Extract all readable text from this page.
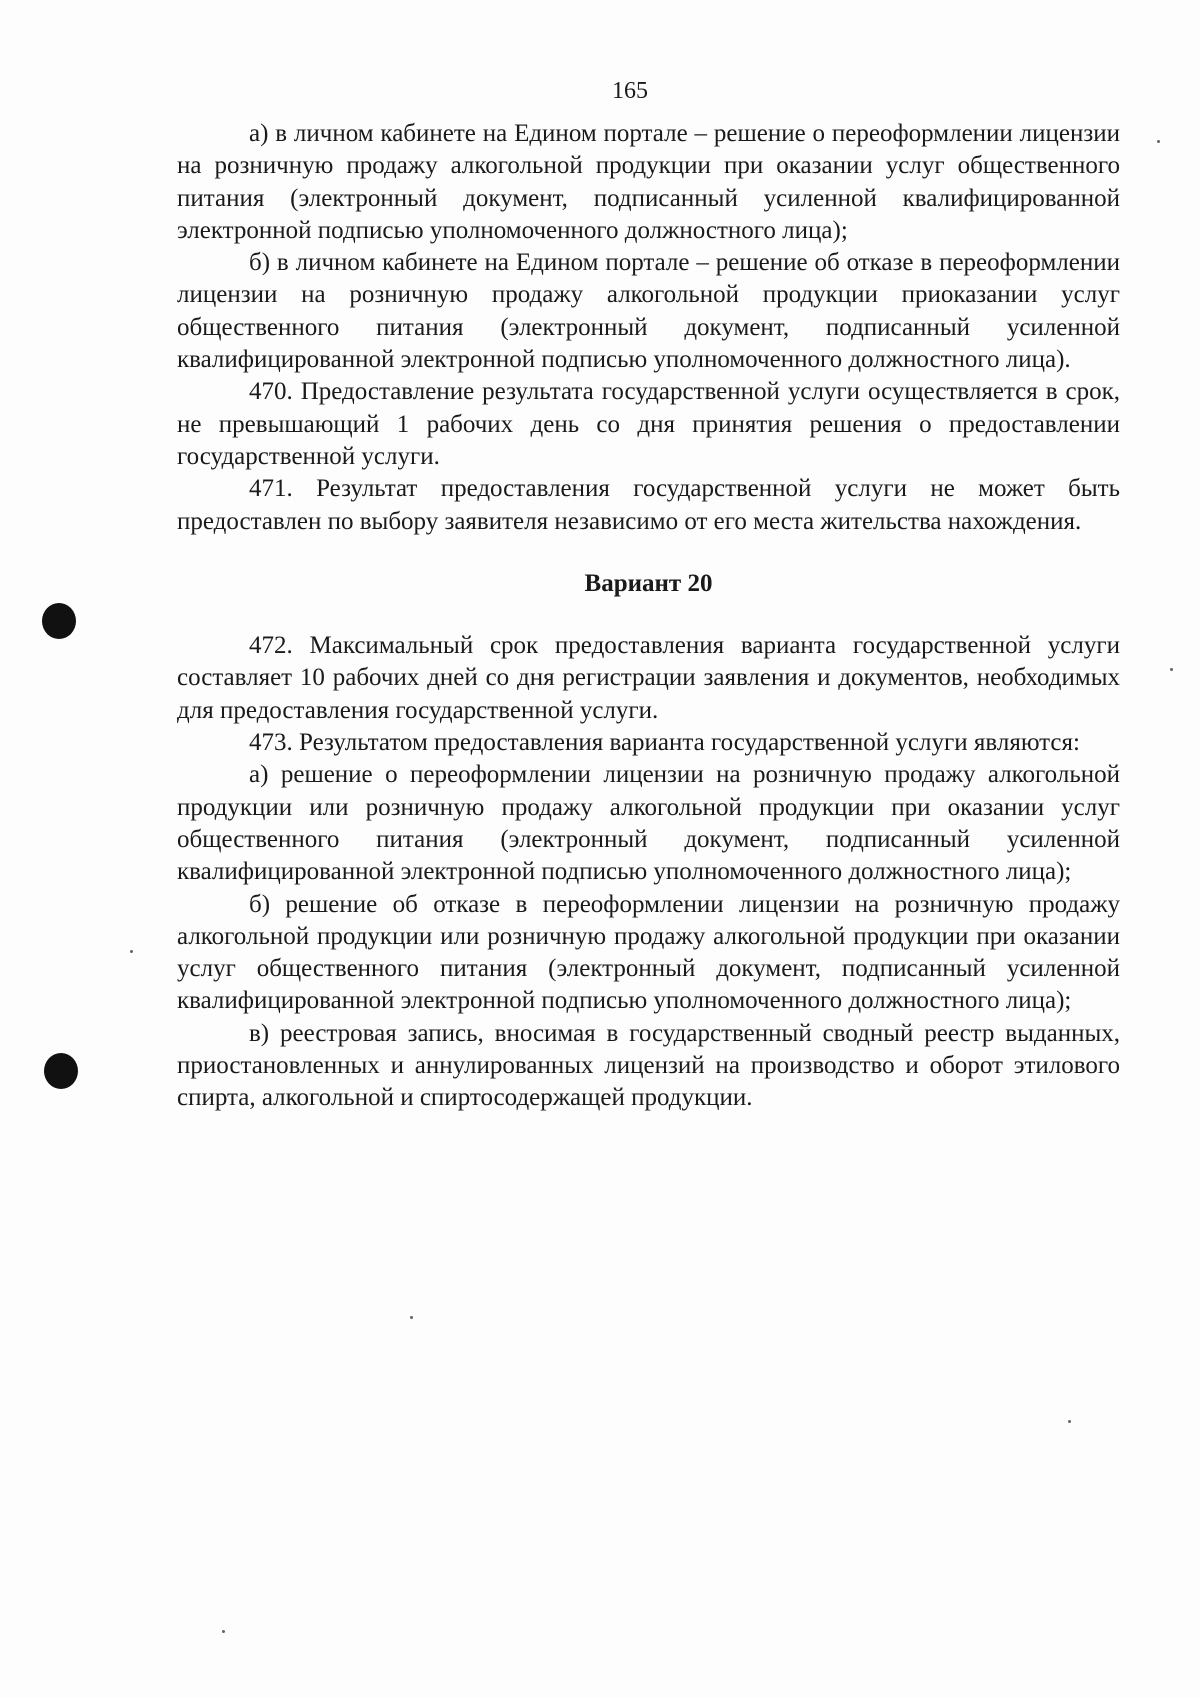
165

а) в личном кабинете на Едином портале – решение о переоформлении лицензии на розничную продажу алкогольной продукции при оказании услуг общественного питания (электронный документ, подписанный усиленной квалифицированной электронной подписью уполномоченного должностного лица);

б) в личном кабинете на Едином портале – решение об отказе в переоформлении лицензии на розничную продажу алкогольной продукции приоказании услуг общественного питания (электронный документ, подписанный усиленной квалифицированной электронной подписью уполномоченного должностного лица).

470. Предоставление результата государственной услуги осуществляется в срок, не превышающий 1 рабочих день со дня принятия решения о предоставлении государственной услуги.

471. Результат предоставления государственной услуги не может быть предоставлен по выбору заявителя независимо от его места жительства нахождения.

Вариант 20

472. Максимальный срок предоставления варианта государственной услуги составляет 10 рабочих дней со дня регистрации заявления и документов, необходимых для предоставления государственной услуги.

473. Результатом предоставления варианта государственной услуги являются:

а) решение о переоформлении лицензии на розничную продажу алкогольной продукции или розничную продажу алкогольной продукции при оказании услуг общественного питания (электронный документ, подписанный усиленной квалифицированной электронной подписью уполномоченного должностного лица);

б) решение об отказе в переоформлении лицензии на розничную продажу алкогольной продукции или розничную продажу алкогольной продукции при оказании услуг общественного питания (электронный документ, подписанный усиленной квалифицированной электронной подписью уполномоченного должностного лица);

в) реестровая запись, вносимая в государственный сводный реестр выданных, приостановленных и аннулированных лицензий на производство и оборот этилового спирта, алкогольной и спиртосодержащей продукции.
